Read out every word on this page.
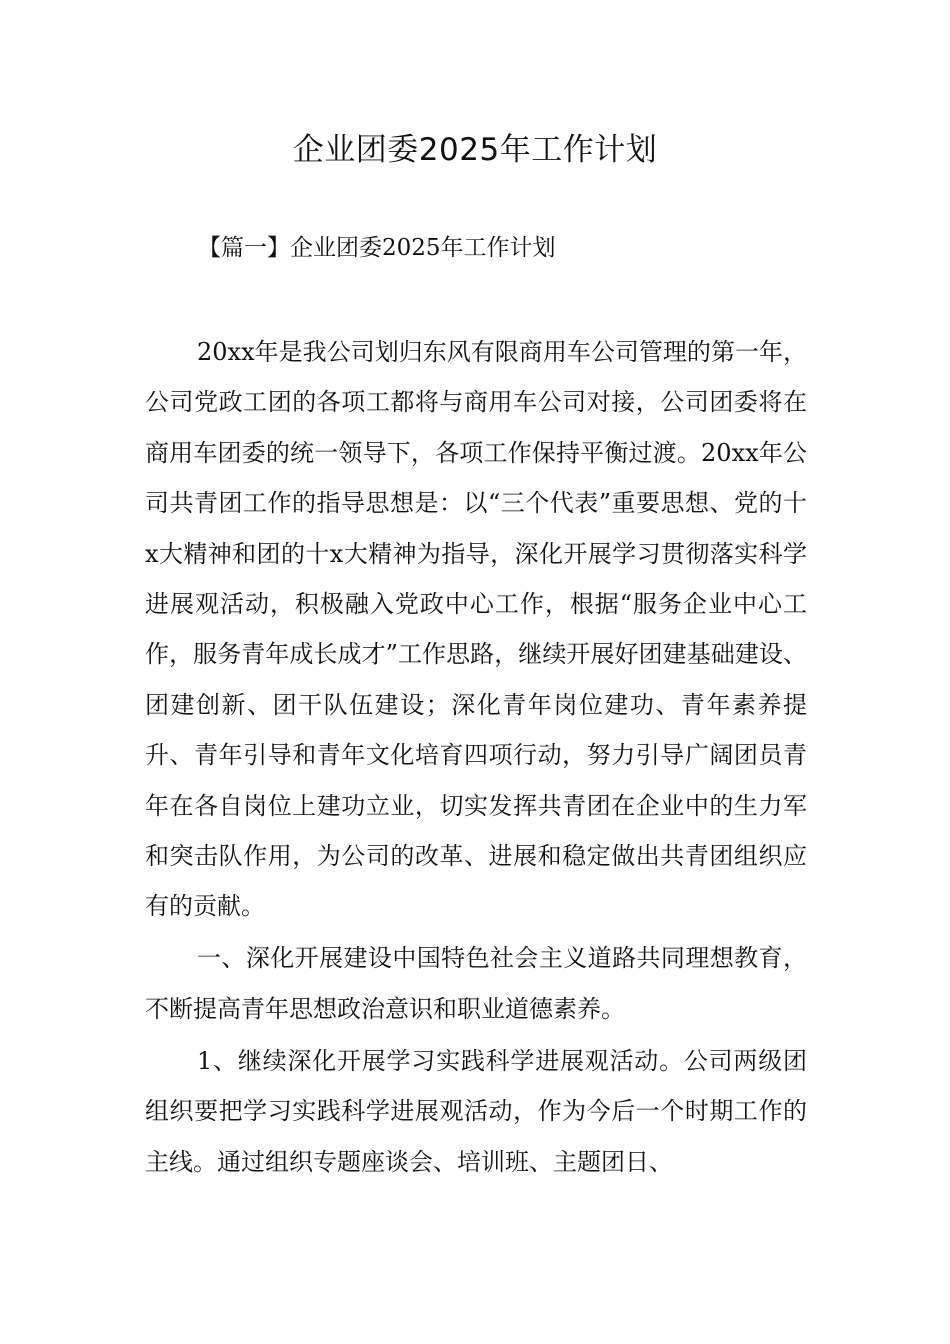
企业团委2025年工作计划

【篇一】企业团委2025年工作计划

20xx年是我公司划归东风有限商用车公司管理的第一年，公司党政工团的各项工都将与商用车公司对接，公司团委将在商用车团委的统一领导下，各项工作保持平衡过渡。20xx年公司共青团工作的指导思想是：以“三个代表”重要思想、党的十x大精神和团的十x大精神为指导，深化开展学习贯彻落实科学进展观活动，积极融入党政中心工作，根据“服务企业中心工作，服务青年成长成才”工作思路，继续开展好团建基础建设、团建创新、团干队伍建设；深化青年岗位建功、青年素养提升、青年引导和青年文化培育四项行动，努力引导广阔团员青年在各自岗位上建功立业，切实发挥共青团在企业中的生力军和突击队作用，为公司的改革、进展和稳定做出共青团组织应有的贡献。

一、深化开展建设中国特色社会主义道路共同理想教育，不断提高青年思想政治意识和职业道德素养。

1、继续深化开展学习实践科学进展观活动。公司两级团组织要把学习实践科学进展观活动，作为今后一个时期工作的主线。通过组织专题座谈会、培训班、主题团日、
